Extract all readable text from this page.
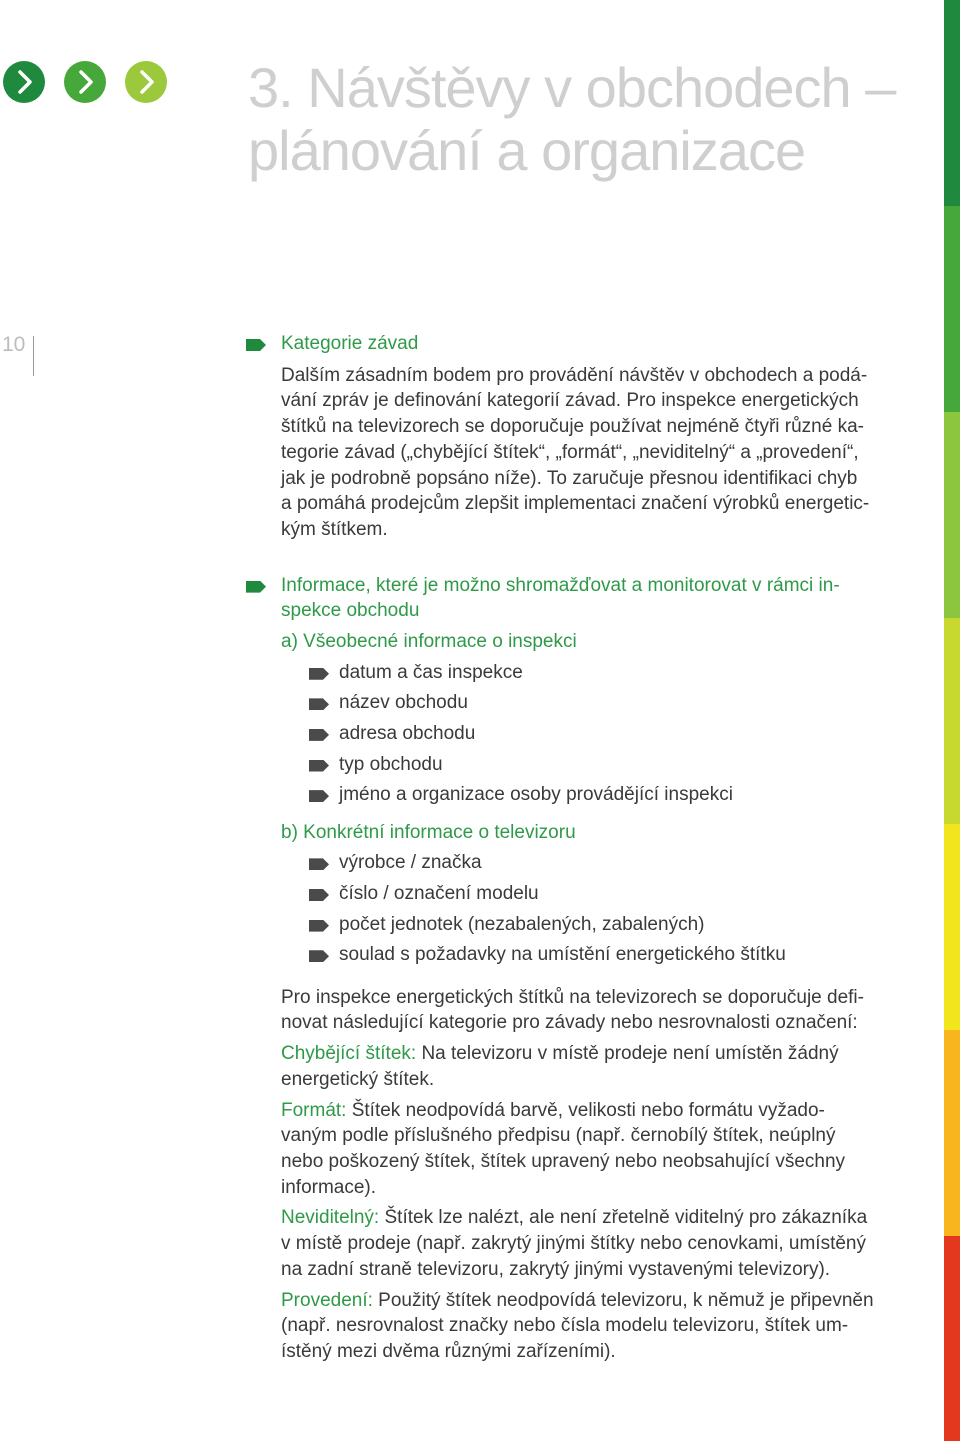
3. Návštěvy v obchodech –
plánování a organizace
10	Kategorie závad

Dalším zásadním bodem pro provádění návštěv v obchodech a podá-
vání zpráv je definování kategorií závad. Pro inspekce energetických
štítků na televizorech se doporučuje používat nejméně čtyři různé ka-
tegorie závad („chybějící štítek“, „formát“, „neviditelný“ a „provedení“,
jak je podrobně popsáno níže). To zaručuje přesnou identifikaci chyb
a pomáhá prodejcům zlepšit implementaci značení výrobků energetic-
kým štítkem.

Informace, které je možno shromažďovat a monitorovat v rámci in-
spekce obchodu

a) Všeobecné informace o inspekci

datum a čas inspekce
název obchodu
adresa obchodu
typ obchodu
jméno a organizace osoby provádějící inspekci

b) Konkrétní informace o televizoru

výrobce / značka
číslo / označení modelu
počet jednotek (nezabalených, zabalených)
soulad s požadavky na umístění energetického štítku
Pro inspekce energetických štítků na televizorech se doporučuje defi-
novat následující kategorie pro závady nebo nesrovnalosti označení:
Chybějící štítek: Na televizoru v místě prodeje není umístěn žádný
energetický štítek.
Formát: Štítek neodpovídá barvě, velikosti nebo formátu vyžado-
vaným podle příslušného předpisu (např. černobílý štítek, neúplný
nebo poškozený štítek, štítek upravený nebo neobsahující všechny
informace).
Neviditelný: Štítek lze nalézt, ale není zřetelně viditelný pro zákazníka
v místě prodeje (např. zakrytý jinými štítky nebo cenovkami, umístěný
na zadní straně televizoru, zakrytý jinými vystavenými televizory).
Provedení: Použitý štítek neodpovídá televizoru, k němuž je připevněn
(např. nesrovnalost značky nebo čísla modelu televizoru, štítek um-
ístěný mezi dvěma různými zařízeními).
